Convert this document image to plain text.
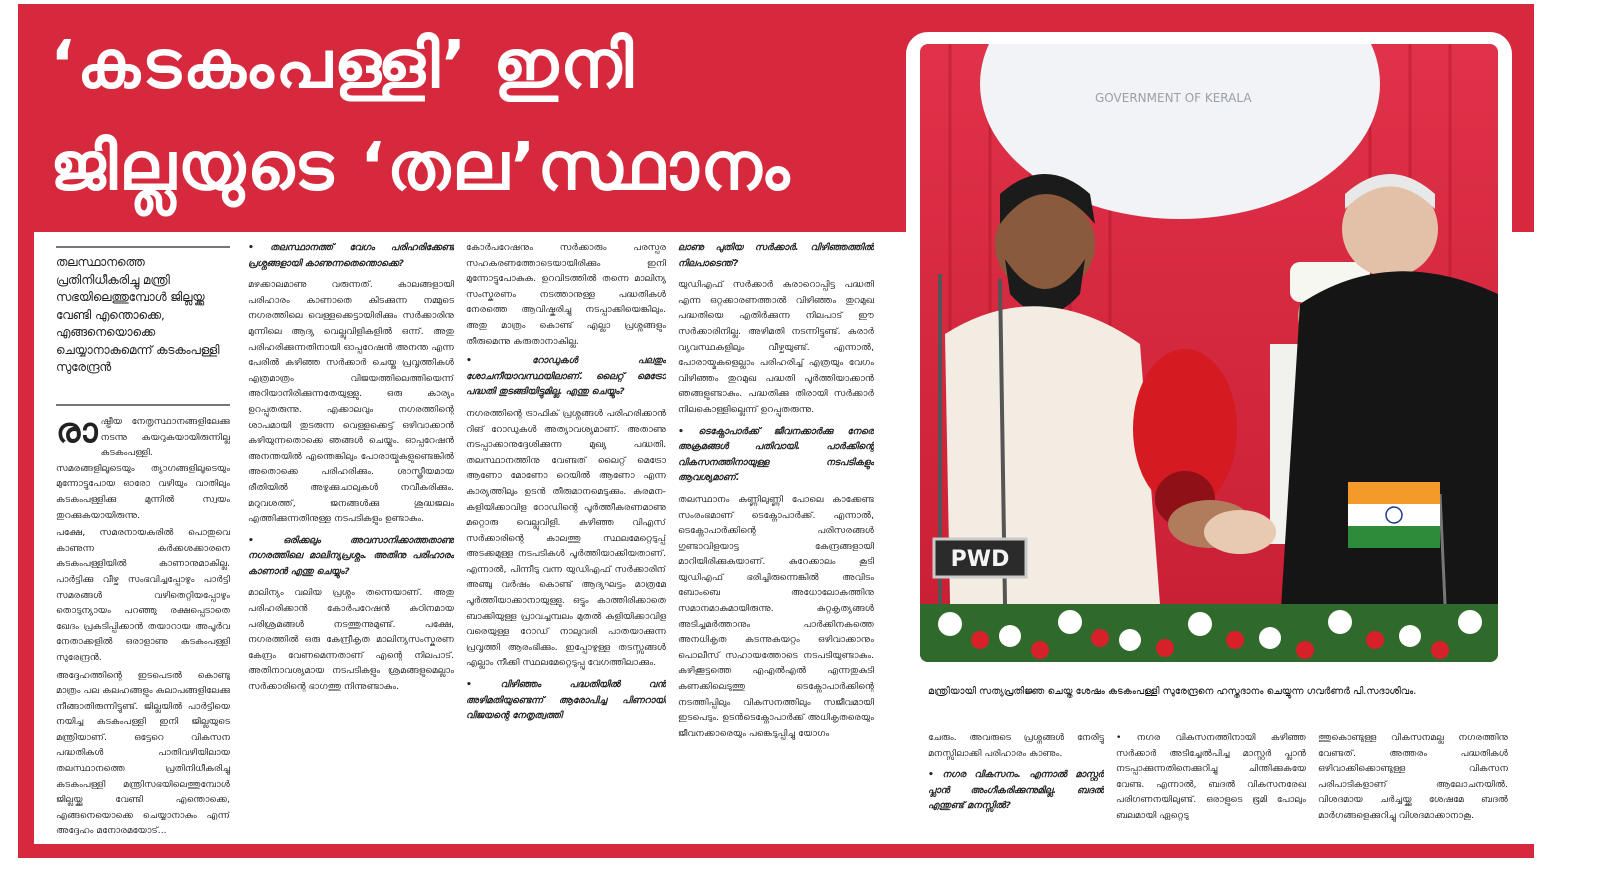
‘കടകംപള്ളി’ ഇനി
ജില്ലയുടെ ‘തല’സ്ഥാനം
GOVERNMENT OF KERALA
PWD
തലസ്ഥാനത്തെ പ്രതിനിധീകരിച്ചു മന്ത്രി സഭയിലെത്തുമ്പോൾ ജില്ലയ്ക്കു വേണ്ടി എന്തൊക്കെ, എങ്ങനെയൊക്കെ ചെയ്യാനാകുമെന്ന് കടകംപള്ളി സുരേന്ദ്രൻ
രാ ഷ്ട്രീയ നേതൃസ്ഥാനങ്ങളിലേക്കു നടന്നു കയറുകയായിരുന്നില്ല കടകംപള്ളി. സമരങ്ങളിലൂടെയും ത്യാഗങ്ങളിലൂടെയും മുന്നോട്ടുപോയ ഓരോ വഴിയും വാതിലും കടകംപള്ളിക്കു മുന്നിൽ സ്വയം തുറക്കുകയായിരുന്നു.

പക്ഷേ, സമരനായകരിൽ പൊതുവെ കാണുന്ന കർക്കശക്കാരനെ കടകംപള്ളിയിൽ കാണാനുമാകില്ല. പാർട്ടിക്കു വീഴ്ച സംഭവിച്ചപ്പോഴും പാർട്ടി സമരങ്ങൾ വഴിതെറ്റിയപ്പോഴും തൊടുന്യായം പറഞ്ഞു രക്ഷപ്പെടാതെ ഖേദം പ്രകടിപ്പിക്കാൻ തയാറായ അപൂർവ നേതാക്കളിൽ ഒരാളാണു കടകംപള്ളി സുരേന്ദ്രൻ.

അദ്ദേഹത്തിന്റെ ഇടപെടൽ കൊണ്ടു മാത്രം പല കലഹങ്ങളും കലാപങ്ങളിലേക്കു നീങ്ങാതിരുന്നിട്ടുണ്ട്. ജില്ലയിൽ പാർട്ടിയെ നയിച്ച കടകംപള്ളി ഇനി ജില്ലയുടെ മന്ത്രിയാണ്. ഒട്ടേറെ വികസന പദ്ധതികൾ പാതിവഴിയിലായ തലസ്ഥാനത്തെ പ്രതിനിധീകരിച്ചു കടകംപള്ളി മന്ത്രിസഭയിലെത്തുമ്പോൾ ജില്ലയ്ക്കു വേണ്ടി എന്തൊക്കെ, എങ്ങനെയൊക്കെ ചെയ്യാനാകും എന്ന് അദ്ദേഹം മനോരമയോട്...

• തലസ്ഥാനത്ത് വേഗം പരിഹരിക്കേണ്ട പ്രശ്നങ്ങളായി കാണുന്നതെന്തൊക്കെ?

മഴക്കാലമാണു വരുന്നത്. കാലങ്ങളായി പരിഹാരം കാണാതെ കിടക്കുന്ന നമ്മുടെ നഗരത്തിലെ വെള്ളക്കെട്ടായിരിക്കും സർക്കാരിനു മുന്നിലെ ആദ്യ വെല്ലുവിളികളിൽ ഒന്ന്. അതു പരിഹരിക്കുന്നതിനായി ഓപ്പറേഷൻ അനന്ത എന്ന പേരിൽ കഴിഞ്ഞ സർക്കാർ ചെയ്ത പ്രവൃത്തികൾ എത്രമാത്രം വിജയത്തിലെത്തിയെന്ന് അറിയാനിരിക്കുന്നതേയുള്ളു. ഒരു കാര്യം ഉറപ്പുതരുന്നു. എക്കാലവും നഗരത്തിന്റെ ശാപമായി തുടരുന്ന വെള്ളക്കെട്ട് ഒഴിവാക്കാൻ കഴിയുന്നതൊക്കെ ഞങ്ങൾ ചെയ്യും. ഓപ്പറേഷൻ അനന്തയിൽ എന്തെങ്കിലും പോരായ്മകളുണ്ടെങ്കിൽ അതൊക്കെ പരിഹരിക്കും. ശാസ്ത്രീയമായ രീതിയിൽ അഴുക്കുചാലുകൾ നവീകരിക്കും. മറുവശത്ത്, ജനങ്ങൾക്കു ശുദ്ധജലം എത്തിക്കുന്നതിനുള്ള നടപടികളും ഉണ്ടാകും.

• ഒരിക്കലും അവസാനിക്കാത്തതാണു നഗരത്തിലെ മാലിന്യപ്രശ്നം. അതിനു പരിഹാരം കാണാൻ എന്തു ചെയ്യും?

മാലിന്യം വലിയ പ്രശ്നം തന്നെയാണ്. അതു പരിഹരിക്കാൻ കോർപറേഷൻ കഠിനമായ പരിശ്രമങ്ങൾ നടത്തുന്നുമുണ്ട്. പക്ഷേ, നഗരത്തിൽ ഒരു കേന്ദ്രീകൃത മാലിന്യസംസ്കരണ കേന്ദ്രം വേണമെന്നതാണ് എന്റെ നിലപാട്. അതിനാവശ്യമായ നടപടികളും ശ്രമങ്ങളുമെല്ലാം സർക്കാരിന്റെ ഭാഗത്തു നിന്നുണ്ടാകും.

കോർപറേഷനും സർക്കാരും പരസ്പര സഹകരണത്തോടെയായിരിക്കും ഇനി മുന്നോട്ടുപോകുക. ഉറവിടത്തിൽ തന്നെ മാലിന്യ സംസ്കരണം നടത്താനുള്ള പദ്ധതികൾ നേരത്തെ ആവിഷ്കരിച്ചു നടപ്പാക്കിയെങ്കിലും. അതു മാത്രം കൊണ്ട് എല്ലാ പ്രശ്നങ്ങളും തീരുമെന്നു കരുതാനാകില്ല.

• റോഡുകൾ പലതും ശോചനീയാവസ്ഥയിലാണ്. ലൈറ്റ് മെട്രോ പദ്ധതി തുടങ്ങിയിട്ടുമില്ല. എന്തു ചെയ്യും?

നഗരത്തിന്റെ ട്രാഫിക് പ്രശ്നങ്ങൾ പരിഹരിക്കാൻ റിങ് റോഡുകൾ അത്യാവശ്യമാണ്. അതാണു നടപ്പാക്കാനുദ്ദേശിക്കുന്ന മുഖ്യ പദ്ധതി. തലസ്ഥാനത്തിനു വേണ്ടത് ലൈറ്റ് മെട്രോ ആണോ മോണോ റെയിൽ ആണോ എന്ന കാര്യത്തിലും ഉടൻ തീരുമാനമെടുക്കും. കരമന-കളിയിക്കാവിള റോഡിന്റെ പൂർത്തീകരണമാണു മറ്റൊരു വെല്ലുവിളി. കഴിഞ്ഞ വിഎസ് സർക്കാരിന്റെ കാലത്തു സ്ഥലമേറ്റെടുപ്പ് അടക്കമുള്ള നടപടികൾ പൂർത്തിയാക്കിയതാണ്. എന്നാൽ, പിന്നീടു വന്ന യുഡിഎഫ് സർക്കാരിന് അഞ്ചു വർഷം കൊണ്ട് ആദ്യഘട്ടം മാത്രമേ പൂർത്തിയാക്കാനായുള്ളു. ഒട്ടും കാത്തിരിക്കാതെ ബാക്കിയുള്ള പ്രാവച്ചമ്പലം മുതൽ കളിയിക്കാവിള വരെയുള്ള റോഡ് നാലുവരി പാതയാക്കുന്ന പ്രവൃത്തി ആരംഭിക്കും. ഇപ്പോഴുള്ള തടസ്സങ്ങൾ എല്ലാം നീക്കി സ്ഥലമേറ്റെടുപ്പു വേഗത്തിലാക്കും.

• വിഴിഞ്ഞം പദ്ധതിയിൽ വൻ അഴിമതിയുണ്ടെന്ന് ആരോപിച്ച പിണറായി വിജയന്റെ നേതൃത്വത്തി

ലാണു പുതിയ സർക്കാർ. വിഴിഞ്ഞത്തിൽ നിലപാടെന്ത്?

യുഡിഎഫ് സർക്കാർ കരാറൊപ്പിട്ട പദ്ധതി എന്ന ഒറ്റക്കാരണത്താൽ വിഴിഞ്ഞം തുറമുഖ പദ്ധതിയെ എതിർക്കുന്ന നിലപാട് ഈ സർക്കാരിനില്ല. അഴിമതി നടന്നിട്ടുണ്ട്. കരാർ വ്യവസ്ഥകളിലും വീഴ്ചയുണ്ട്. എന്നാൽ, പോരായ്മകളെല്ലാം പരിഹരിച്ച് എത്രയും വേഗം വിഴിഞ്ഞം തുറമുഖ പദ്ധതി പൂർത്തിയാക്കാൻ ഞങ്ങളുണ്ടാകും. പദ്ധതിക്കു തിരായി സർക്കാർ നിലകൊള്ളില്ലെന്ന് ഉറപ്പുതരുന്നു.

• ടെക്നോപാർക്ക് ജീവനക്കാർക്കു നേരെ അക്രമങ്ങൾ പതിവായി. പാർക്കിന്റെ വികസനത്തിനായുള്ള നടപടികളും ആവശ്യമാണ്.

തലസ്ഥാനം കണ്ണിലുണ്ണി പോലെ കാക്കേണ്ട സംരംഭമാണ് ടെക്നോപാർക്ക്. എന്നാൽ, ടെക്നോപാർക്കിന്റെ പരിസരങ്ങൾ ഗുണ്ടാവിളയാട്ട കേന്ദ്രങ്ങളായി മാറിയിരിക്കുകയാണ്. കുറേക്കാലം കൂടി യുഡിഎഫ് ഭരിച്ചിരുന്നെങ്കിൽ അവിടം ബോംബെ അധോലോകത്തിനു സമാനമാകുമായിരുന്നു. കുറ്റകൃത്യങ്ങൾ അടിച്ചമർത്താനും പാർക്കിനകത്തെ അനധികൃത കടന്നുകയറ്റം ഒഴിവാക്കാനും പൊലീസ് സഹായത്തോടെ നടപടിയുണ്ടാകും. കഴിക്കൂട്ടത്തെ എഎൽഎൽ എന്നതുകുടി കണക്കിലെടുത്തു ടെക്നോപാർക്കിന്റെ നടത്തിപ്പിലും വികസനത്തിലും സജീവമായി ഇടപെടും. ഉടൻടെക്നോപാർക്ക് അധികൃതരെയും ജീവനക്കാരെയും പങ്കെടുപ്പിച്ചു യോഗം

മന്ത്രിയായി സത്യപ്രതിജ്ഞ ചെയ്ത ശേഷം കടകംപള്ളി സുരേന്ദ്രനെ ഹസ്തദാനം ചെയ്യുന്ന ഗവർണർ പി.സദാശിവം.

ചേരും. അവരുടെ പ്രശ്നങ്ങൾ നേരിട്ടു മനസ്സിലാക്കി പരിഹാരം കാണും.

• നഗര വികസനം. എന്നാൽ മാസ്റ്റർ പ്ലാൻ അംഗീകരിക്കുന്നുമില്ല. ബദൽ എന്തുണ്ട് മനസ്സിൽ?

• നഗര വികസനത്തിനായി കഴിഞ്ഞ സർക്കാർ അടിച്ചേൽപിച്ച മാസ്റ്റർ പ്ലാൻ നടപ്പാക്കുന്നതിനെക്കുറിച്ചു ചിന്തിക്കുകയേ വേണ്ട. എന്നാൽ, ബദൽ വികസനരേഖ പരിഗണനയിലുണ്ട്. ഒരാളുടെ ഭൂമി പോലും ബലമായി ഏറ്റെടു

ത്തുകൊണ്ടുള്ള വികസനമല്ല നഗരത്തിനു വേണ്ടത്. അത്തരം പദ്ധതികൾ ഒഴിവാക്കിക്കൊണ്ടുള്ള വികസന പരിപാടികളാണ് ആലോചനയിൽ. വിശദമായ ചർച്ചയ്ക്കു ശേഷമേ ബദൽ മാർഗങ്ങളെക്കുറിച്ചു വിശദമാക്കാനാകൂ.
